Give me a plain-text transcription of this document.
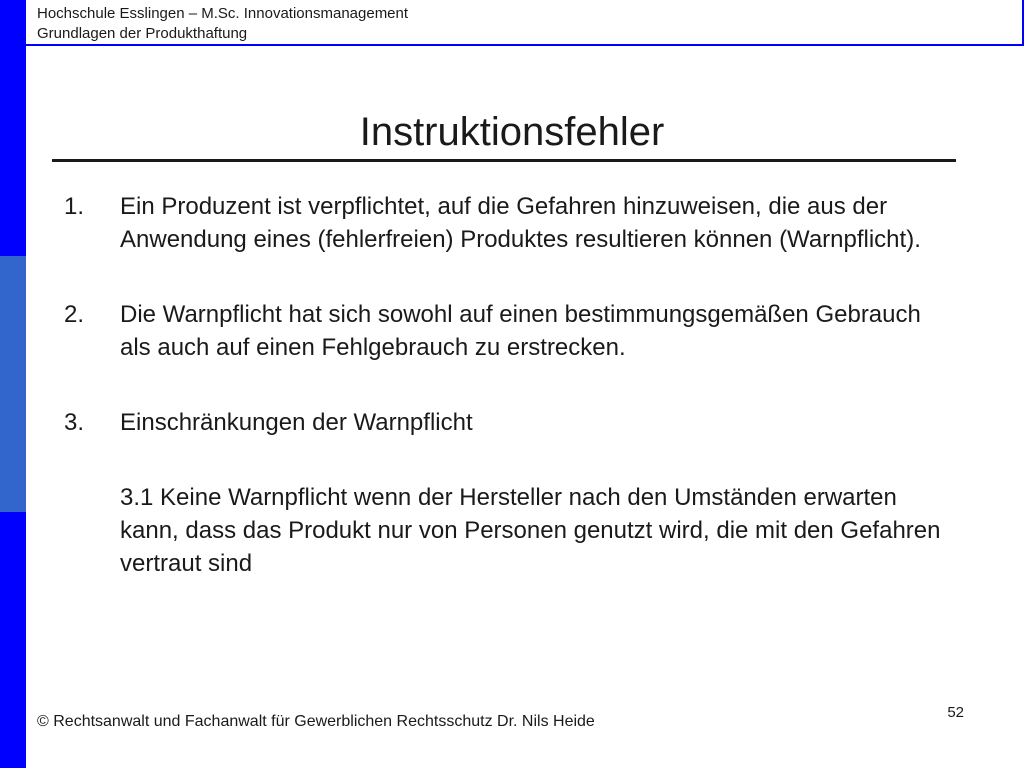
Hochschule Esslingen – M.Sc. Innovationsmanagement
Grundlagen der Produkthaftung
Instruktionsfehler
1. Ein Produzent ist verpflichtet, auf die Gefahren hinzuweisen, die aus der Anwendung eines (fehlerfreien) Produktes resultieren können (Warnpflicht).
2. Die Warnpflicht hat sich sowohl auf einen bestimmungsgemäßen Gebrauch als auch auf einen Fehlgebrauch zu erstrecken.
3. Einschränkungen der Warnpflicht
3.1 Keine Warnpflicht wenn der Hersteller nach den Umständen erwarten kann, dass das Produkt nur von Personen genutzt wird, die mit den Gefahren vertraut sind
© Rechtsanwalt und Fachanwalt für Gewerblichen Rechtsschutz Dr. Nils Heide
52
